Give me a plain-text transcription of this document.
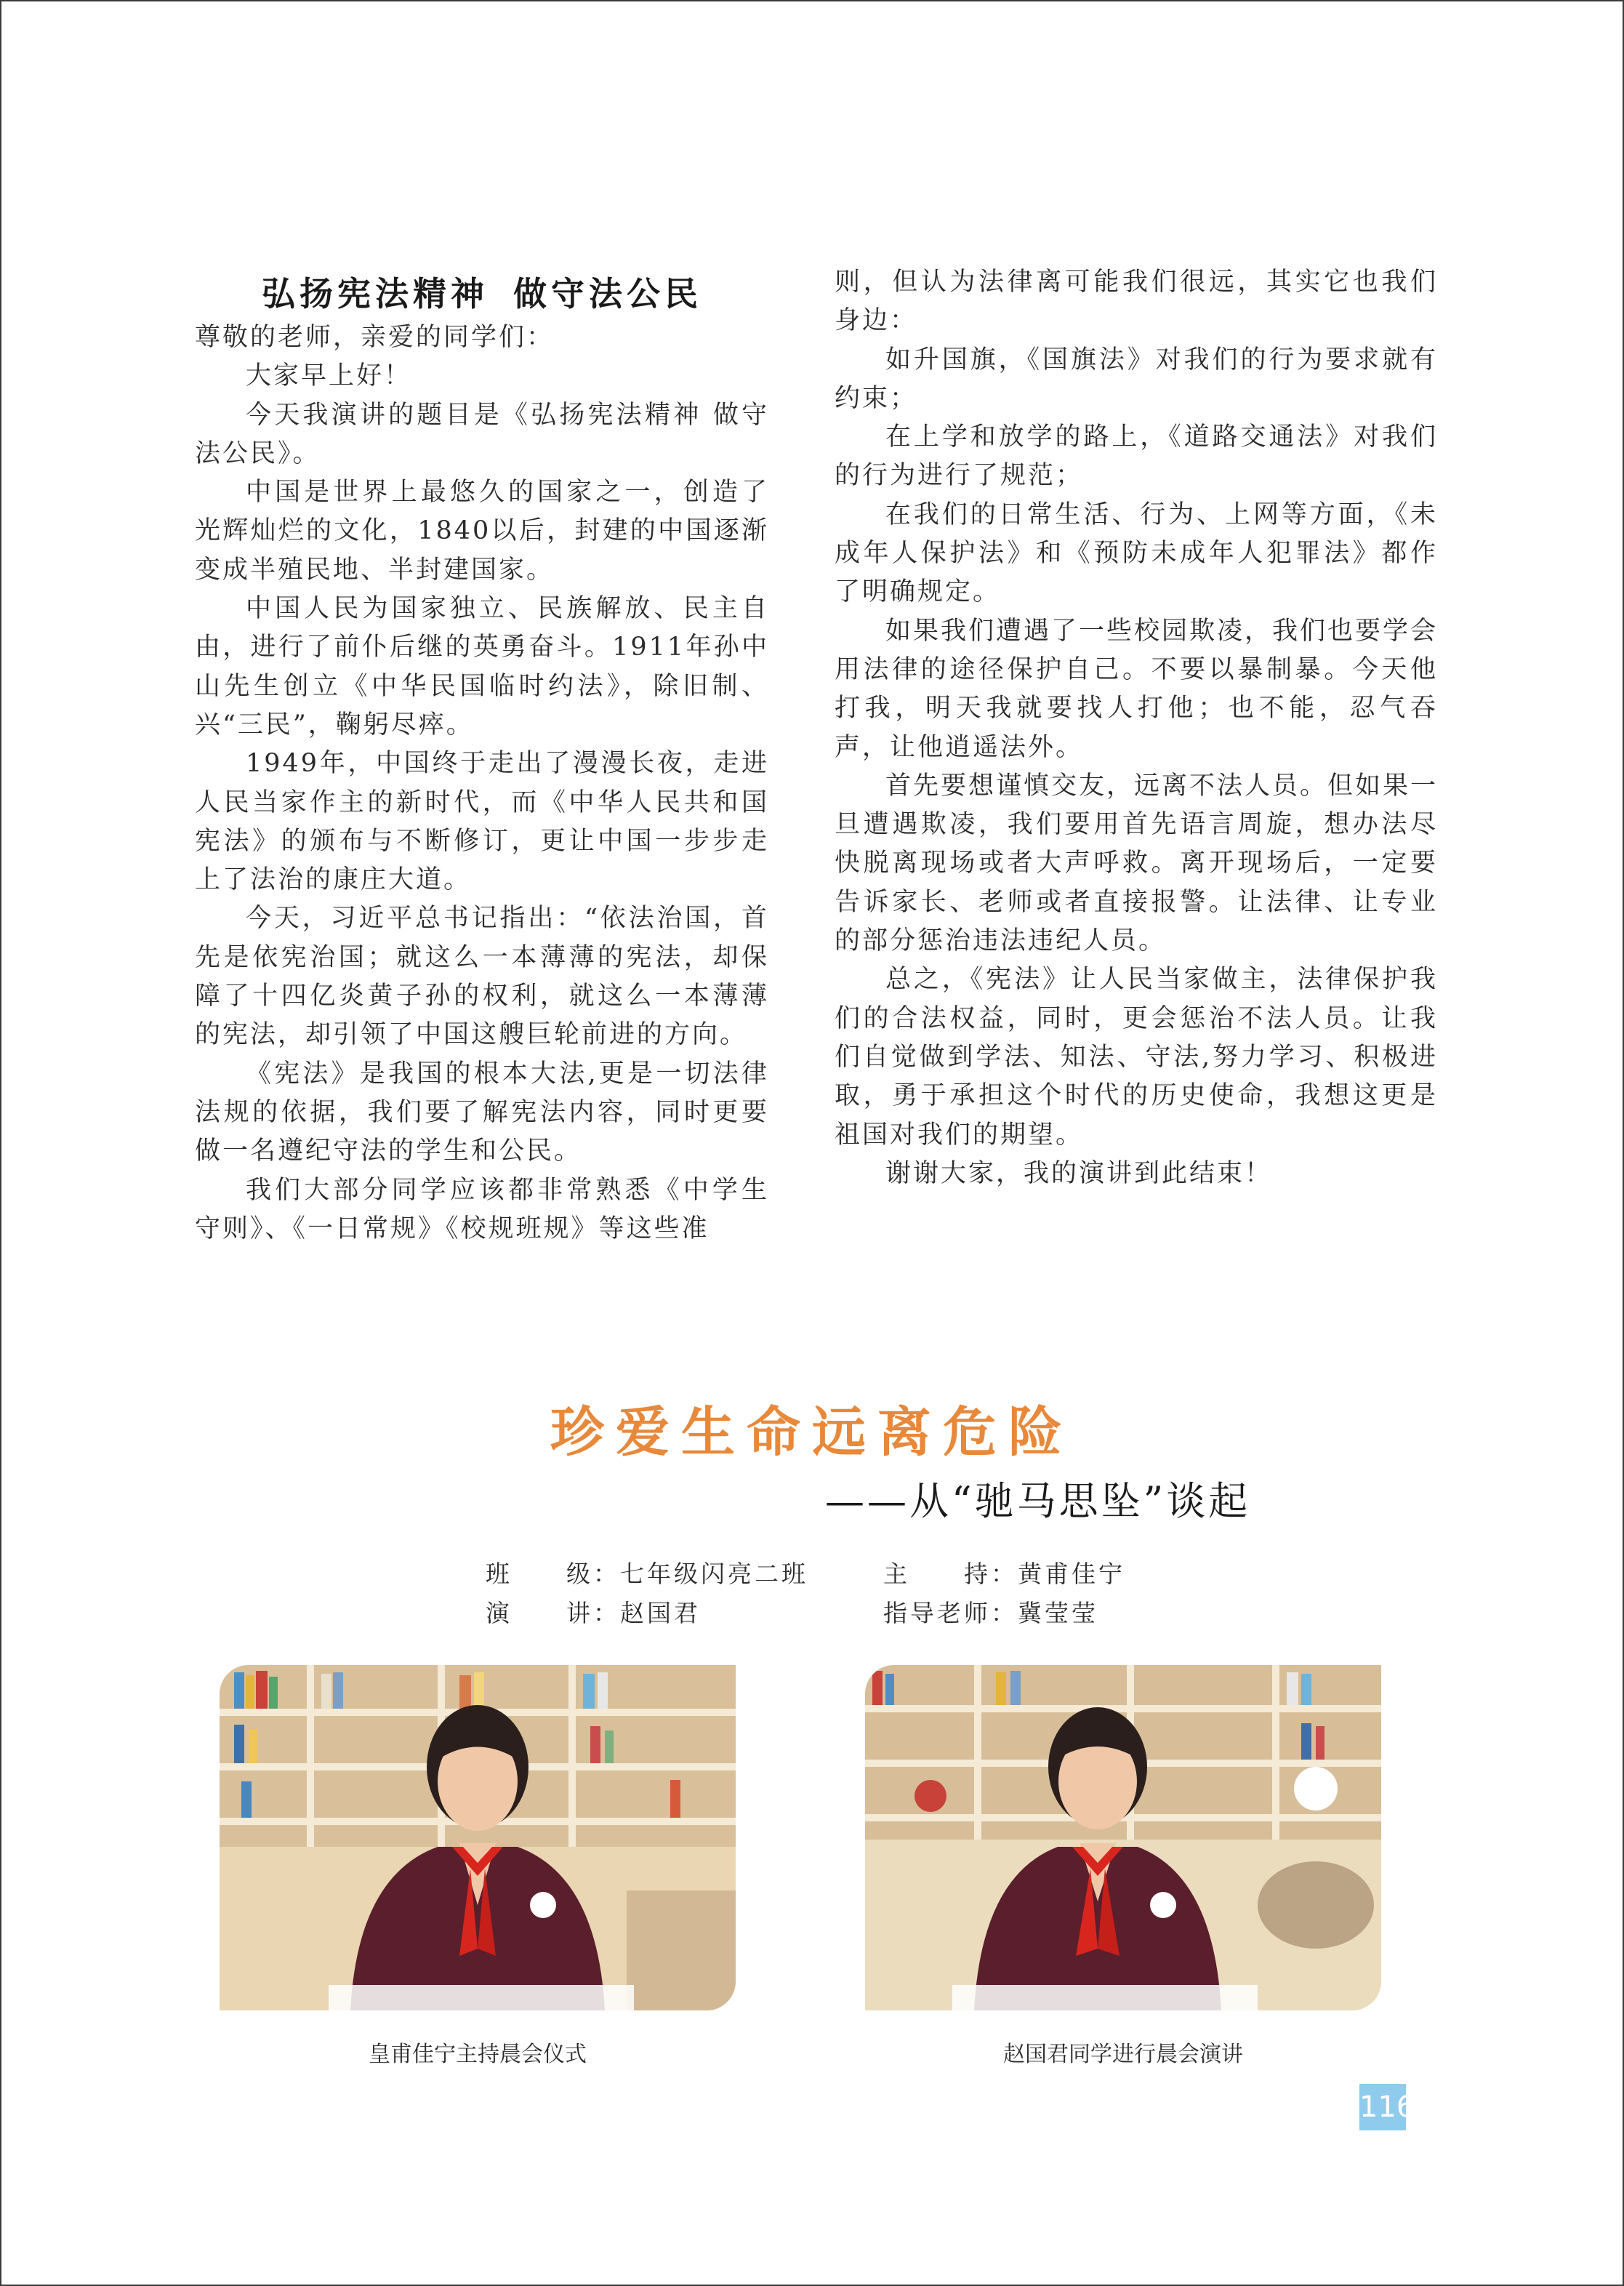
弘扬宪法精神 做守法公民

尊敬的老师，亲爱的同学们：

大家早上好！

今天我演讲的题目是《弘扬宪法精神 做守法公民》。

中国是世界上最悠久的国家之一，创造了光辉灿烂的文化，1840以后，封建的中国逐渐变成半殖民地、半封建国家。

中国人民为国家独立、民族解放、民主自由，进行了前仆后继的英勇奋斗。1911年孙中山先生创立《中华民国临时约法》，除旧制、兴“三民”，鞠躬尽瘁。

1949年，中国终于走出了漫漫长夜，走进人民当家作主的新时代，而《中华人民共和国宪法》的颁布与不断修订，更让中国一步步走上了法治的康庄大道。

今天，习近平总书记指出：“依法治国，首先是依宪治国；就这么一本薄薄的宪法，却保障了十四亿炎黄子孙的权利，就这么一本薄薄的宪法，却引领了中国这艘巨轮前进的方向。

《宪法》是我国的根本大法,更是一切法律法规的依据，我们要了解宪法内容，同时更要做一名遵纪守法的学生和公民。

我们大部分同学应该都非常熟悉《中学生守则》、《一日常规》《校规班规》等这些准

则，但认为法律离可能我们很远，其实它也我们身边：

如升国旗，《国旗法》对我们的行为要求就有约束；

在上学和放学的路上，《道路交通法》对我们的行为进行了规范；

在我们的日常生活、行为、上网等方面，《未成年人保护法》和《预防未成年人犯罪法》都作了明确规定。

如果我们遭遇了一些校园欺凌，我们也要学会用法律的途径保护自己。不要以暴制暴。今天他打我，明天我就要找人打他；也不能，忍气吞声，让他逍遥法外。

首先要想谨慎交友，远离不法人员。但如果一旦遭遇欺凌，我们要用首先语言周旋，想办法尽快脱离现场或者大声呼救。离开现场后，一定要告诉家长、老师或者直接报警。让法律、让专业的部分惩治违法违纪人员。

总之，《宪法》让人民当家做主，法律保护我们的合法权益，同时，更会惩治不法人员。让我们自觉做到学法、知法、守法,努力学习、积极进取，勇于承担这个时代的历史使命，我想这更是祖国对我们的期望。

谢谢大家，我的演讲到此结束！

珍爱生命远离危险
——从“驰马思坠”谈起
班　　级：七年级闪亮二班	主　　持：黄甫佳宁
演　　讲：赵国君	指导老师：冀莹莹
皇甫佳宁主持晨会仪式	赵国君同学进行晨会演讲
116
